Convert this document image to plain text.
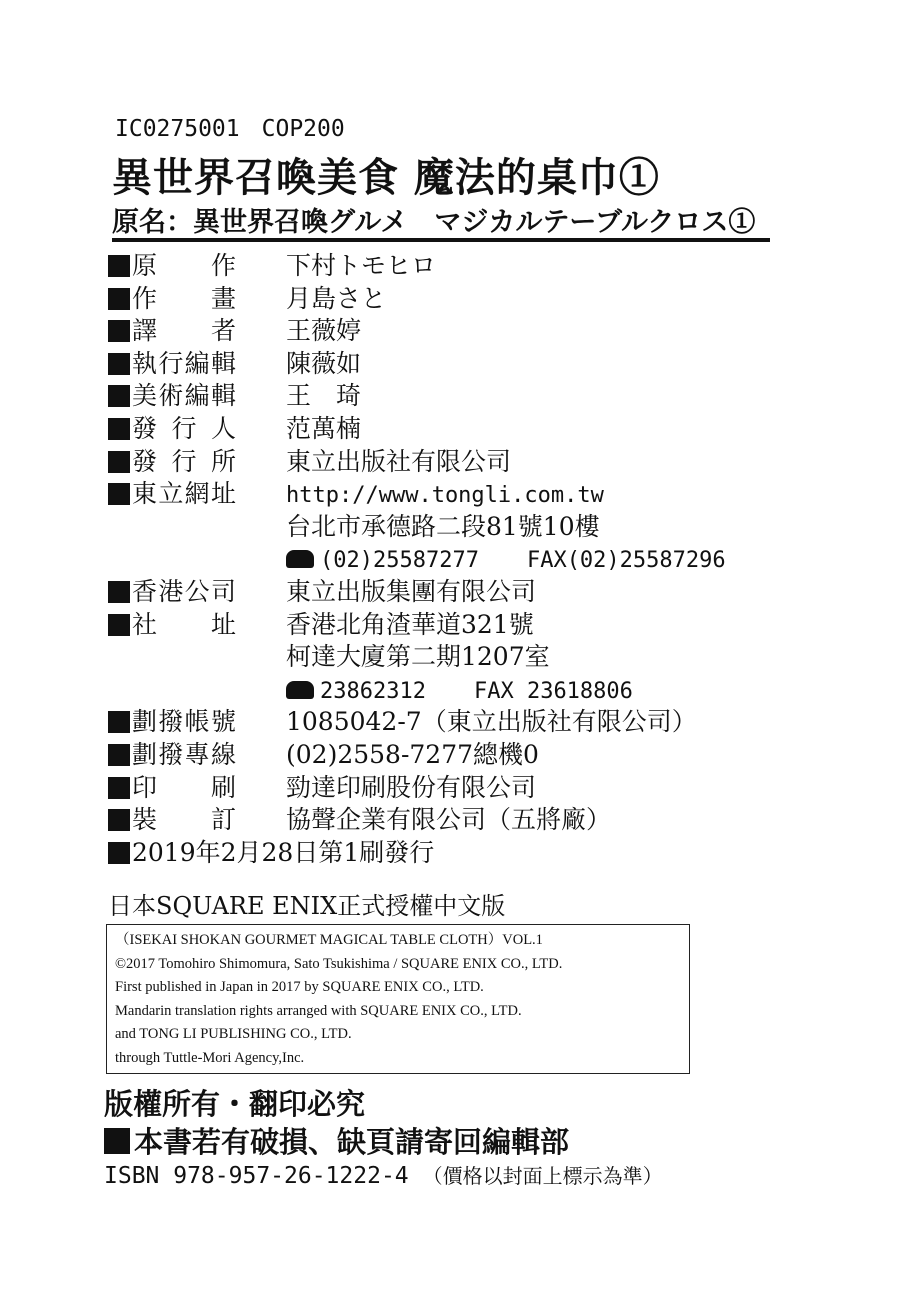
IC0275001 COP200
異世界召喚美食 魔法的桌巾①
原名：異世界召喚グルメ　マジカルテーブルクロス①
原　作 下村トモヒロ
作　畫 月島さと
譯　者 王薇婷
執行編輯 陳薇如
美術編輯 王　琦
發行人 范萬楠
發行所 東立出版社有限公司
東立網址 http://www.tongli.com.tw
台北市承德路二段81號10樓
(02)25587277 FAX(02)25587296
香港公司 東立出版集團有限公司
社　址 香港北角渣華道321號
柯達大廈第二期1207室
23862312 FAX 23618806
劃撥帳號 1085042-7（東立出版社有限公司）
劃撥專線 (02)2558-7277總機0
印　刷 勁達印刷股份有限公司
裝　訂 協聲企業有限公司（五將廠）
2019年2月28日第1刷發行
日本SQUARE ENIX正式授權中文版
（ISEKAI SHOKAN GOURMET MAGICAL TABLE CLOTH）VOL.1
©2017 Tomohiro Shimomura, Sato Tsukishima / SQUARE ENIX CO., LTD.
First published in Japan in 2017 by SQUARE ENIX CO., LTD.
Mandarin translation rights arranged with SQUARE ENIX CO., LTD.
and TONG LI PUBLISHING CO., LTD.
through Tuttle-Mori Agency,Inc.
版權所有・翻印必究
本書若有破損、缺頁請寄回編輯部
ISBN 978-957-26-1222-4 （價格以封面上標示為準）
